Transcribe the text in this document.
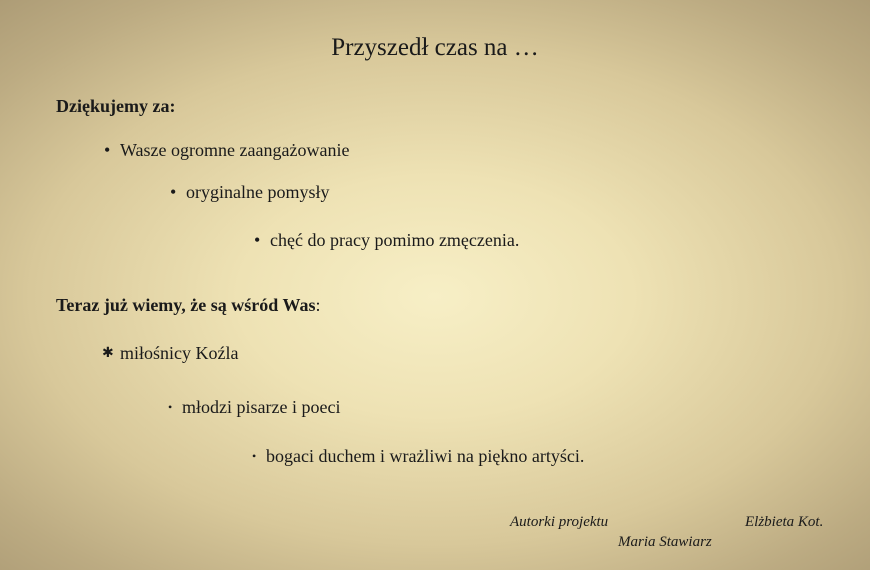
Przyszedł czas na …
Dziękujemy za:
• Wasze ogromne zaangażowanie
• oryginalne pomysły
• chęć do pracy pomimo zmęczenia.
Teraz już wiemy, że są wśród Was:
✱ miłośnicy Koźla
• młodzi pisarze i poeci
• bogaci duchem i wrażliwi na piękno artyści.
Autorki projektu
Maria Stawiarz
Elżbieta Kot.
